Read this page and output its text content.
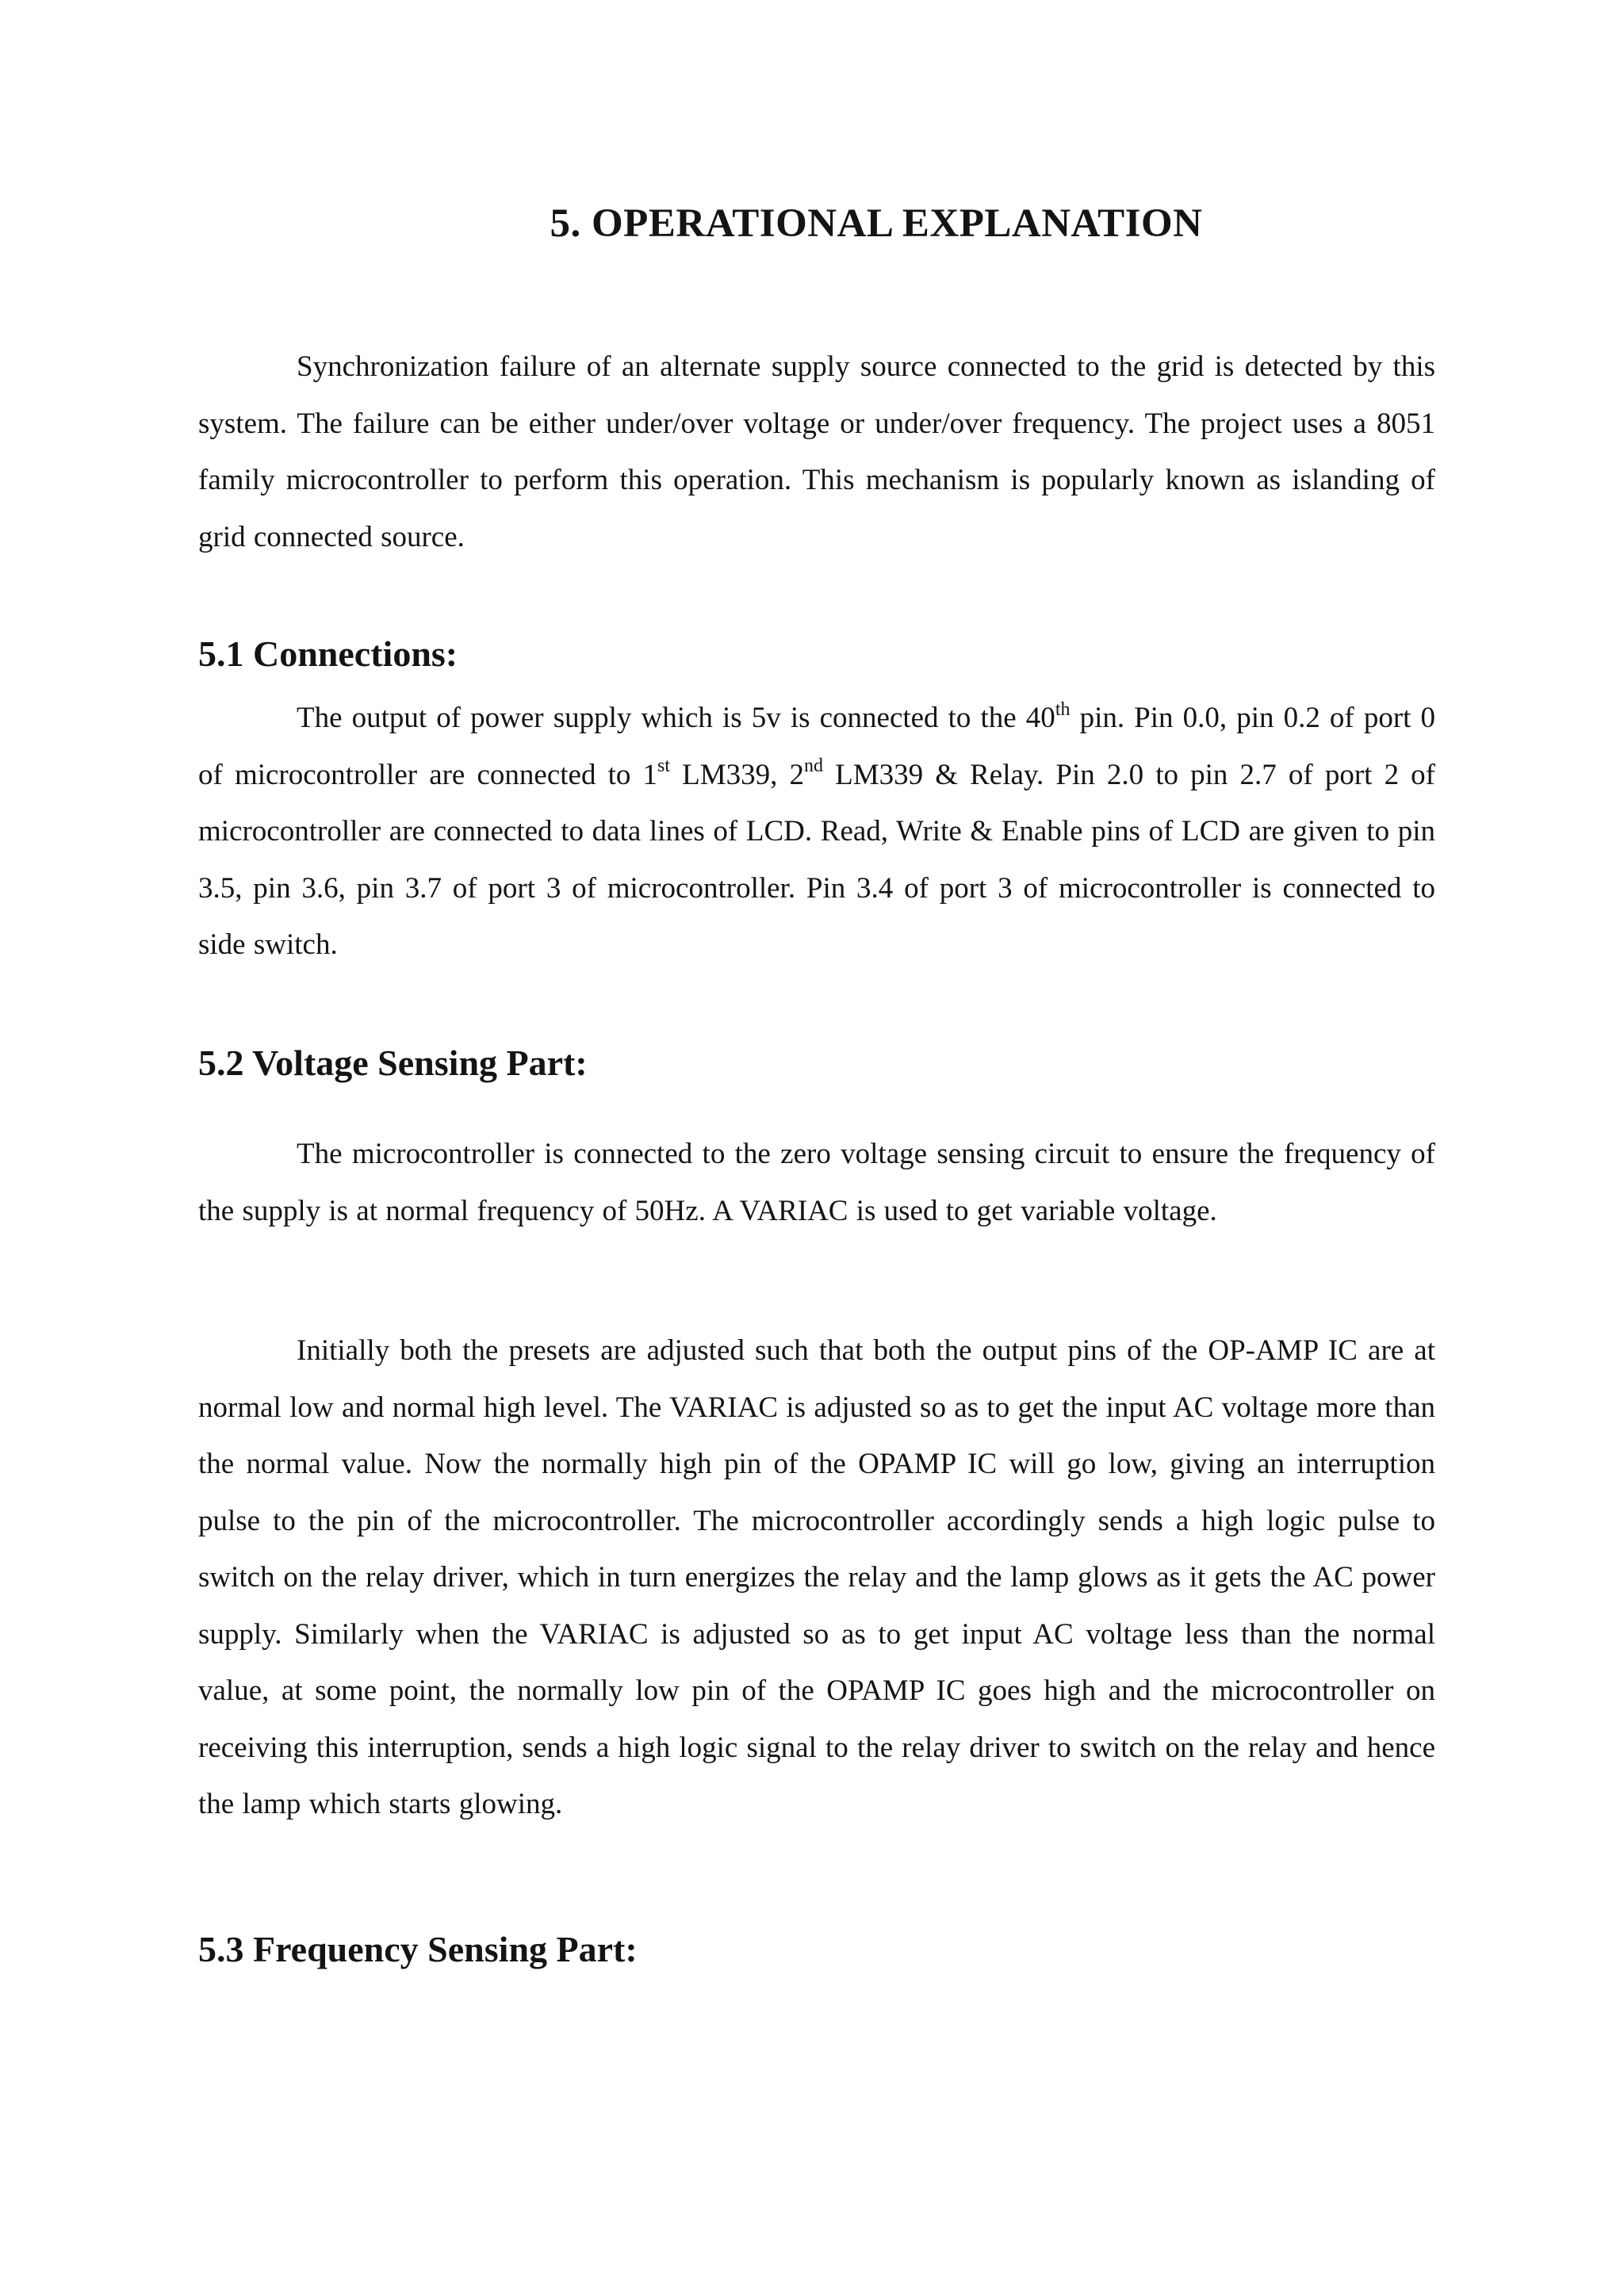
5. OPERATIONAL EXPLANATION

Synchronization failure of an alternate supply source connected to the grid is detected by this system. The failure can be either under/over voltage or under/over frequency. The project uses a 8051 family microcontroller to perform this operation. This mechanism is popularly known as islanding of grid connected source.

5.1 Connections:

The output of power supply which is 5v is connected to the 40th pin. Pin 0.0, pin 0.2 of port 0 of microcontroller are connected to 1st LM339, 2nd LM339 & Relay. Pin 2.0 to pin 2.7 of port 2 of microcontroller are connected to data lines of LCD. Read, Write & Enable pins of LCD are given to pin 3.5, pin 3.6, pin 3.7 of port 3 of microcontroller. Pin 3.4 of port 3 of microcontroller is connected to side switch.

5.2 Voltage Sensing Part:

The microcontroller is connected to the zero voltage sensing circuit to ensure the frequency of the supply is at normal frequency of 50Hz. A VARIAC is used to get variable voltage.

Initially both the presets are adjusted such that both the output pins of the OP-AMP IC are at normal low and normal high level. The VARIAC is adjusted so as to get the input AC voltage more than the normal value. Now the normally high pin of the OPAMP IC will go low, giving an interruption pulse to the pin of the microcontroller. The microcontroller accordingly sends a high logic pulse to switch on the relay driver, which in turn energizes the relay and the lamp glows as it gets the AC power supply. Similarly when the VARIAC is adjusted so as to get input AC voltage less than the normal value, at some point, the normally low pin of the OPAMP IC goes high and the microcontroller on receiving this interruption, sends a high logic signal to the relay driver to switch on the relay and hence the lamp which starts glowing.

5.3 Frequency Sensing Part:
